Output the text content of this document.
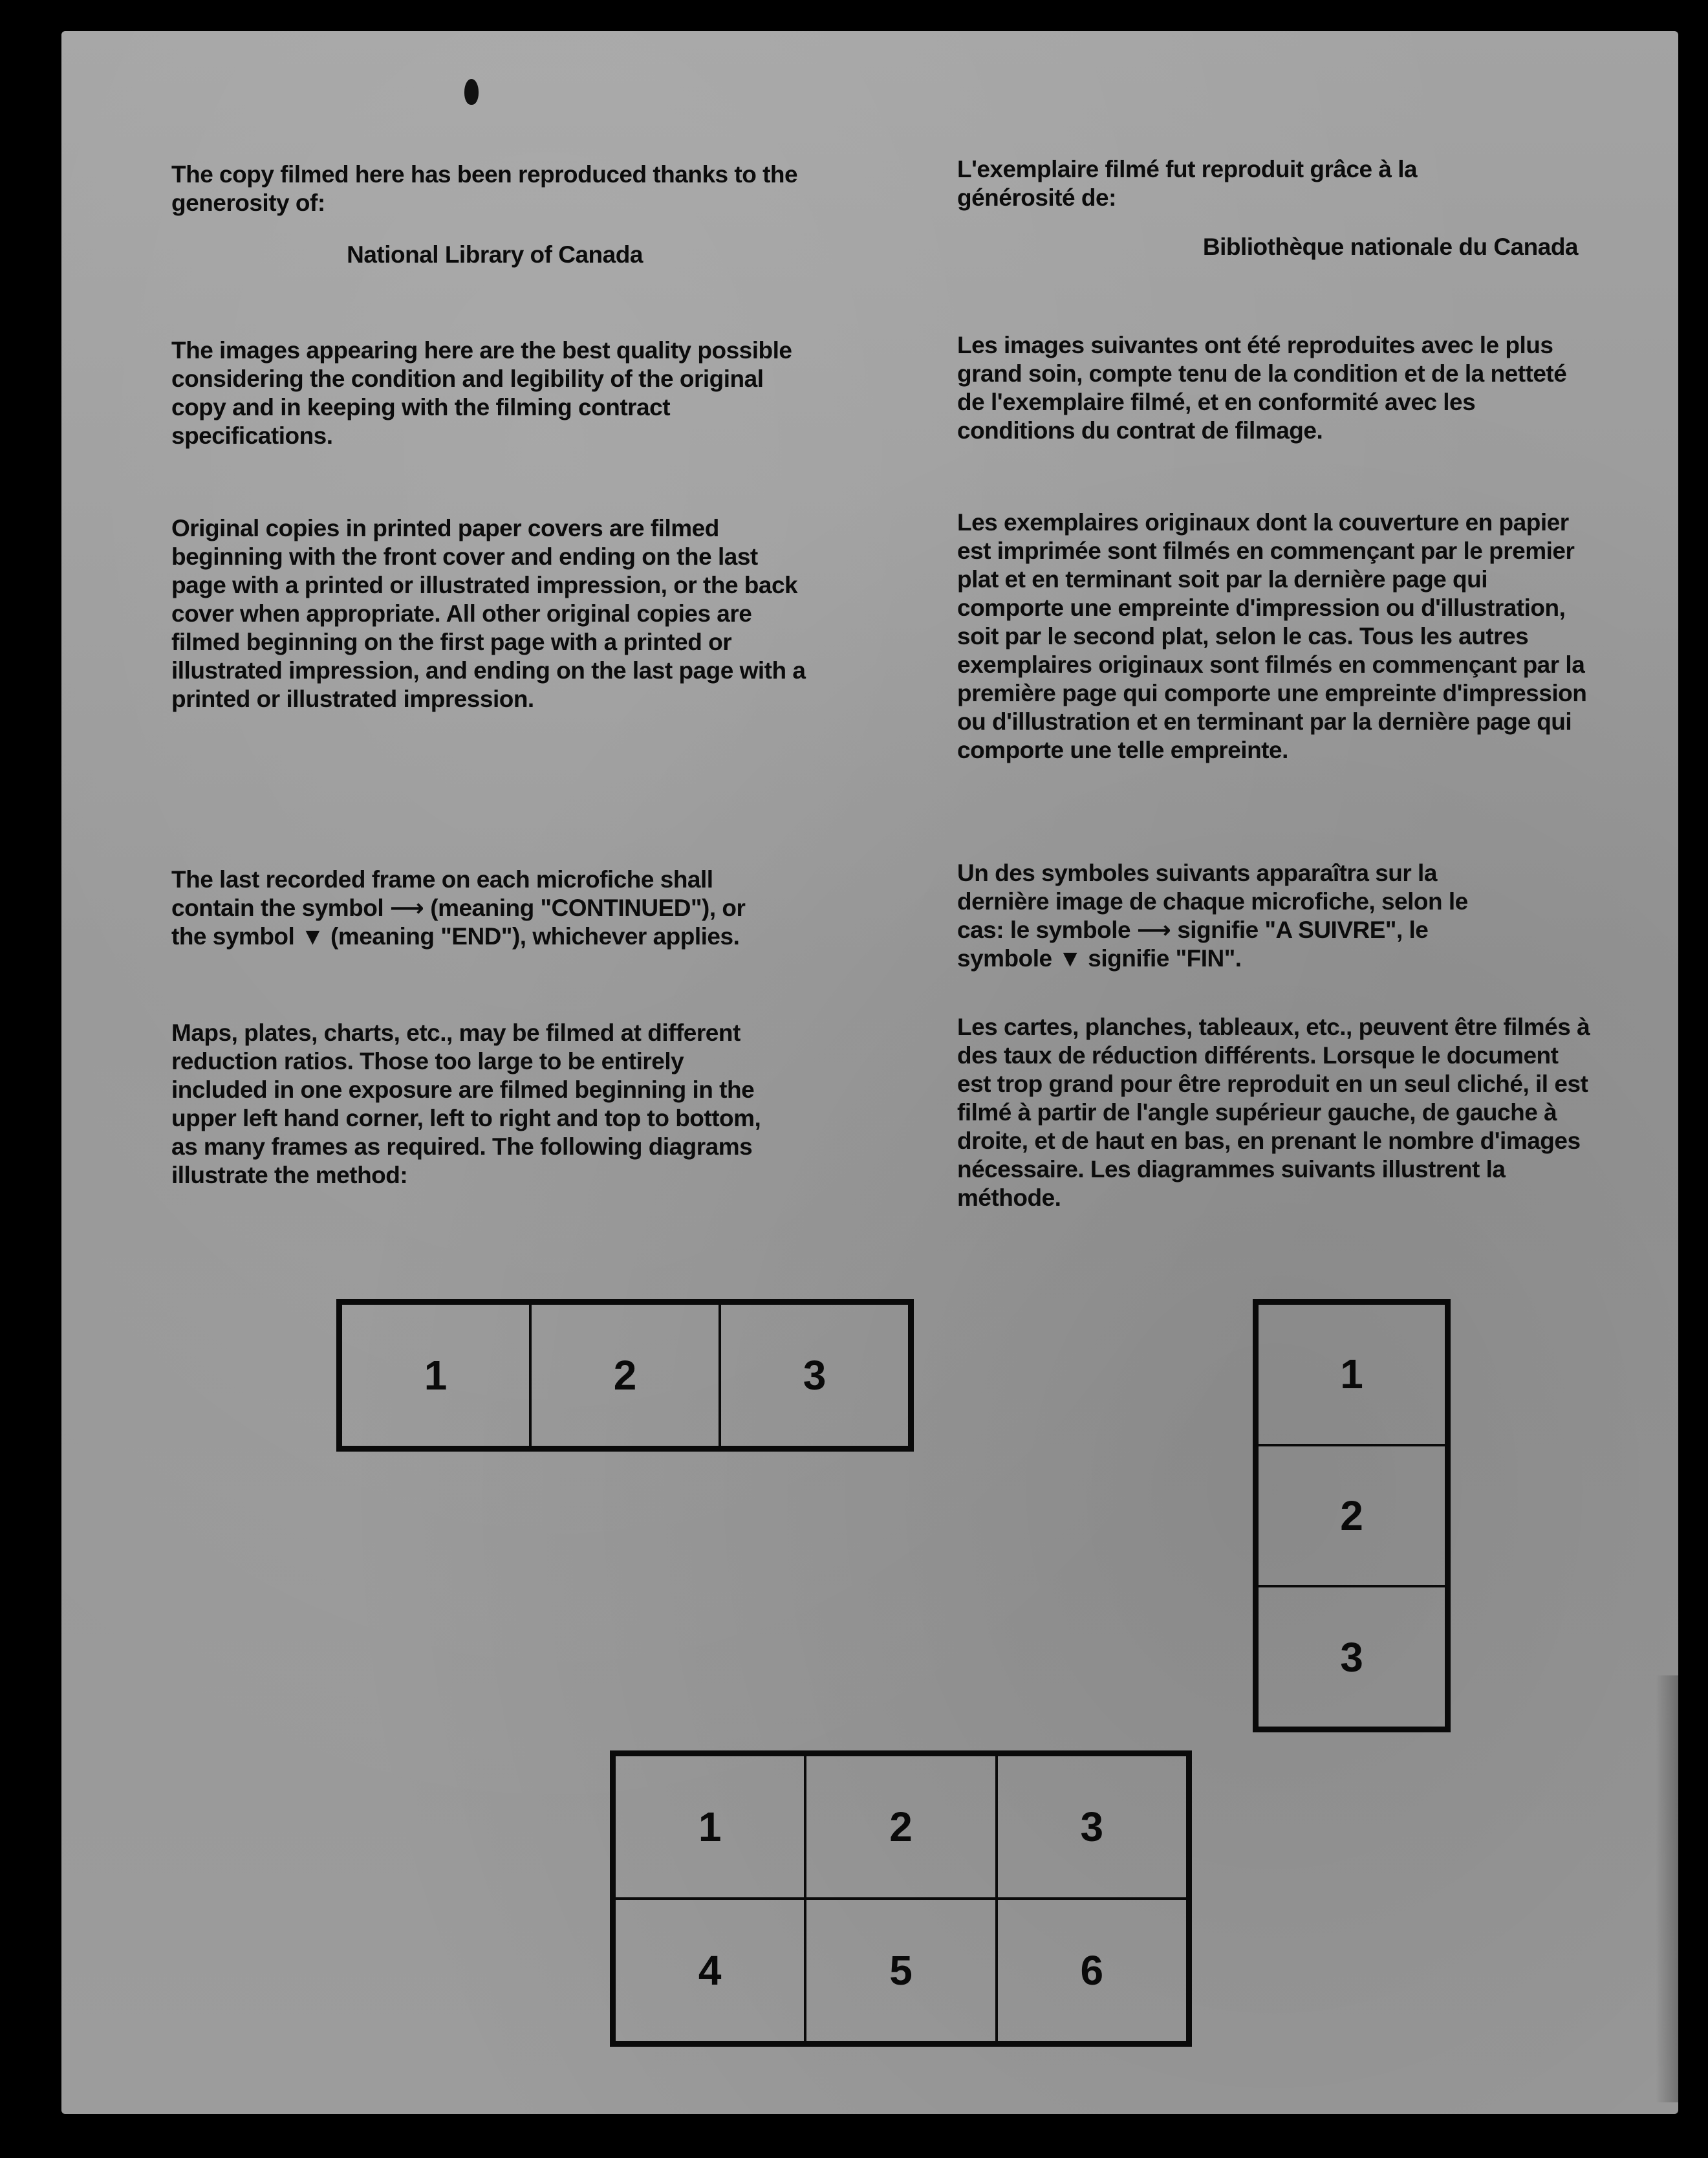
The copy filmed here has been reproduced thanks to the generosity of:

National Library of Canada

The images appearing here are the best quality possible considering the condition and legibility of the original copy and in keeping with the filming contract specifications.

Original copies in printed paper covers are filmed beginning with the front cover and ending on the last page with a printed or illustrated impression, or the back cover when appropriate. All other original copies are filmed beginning on the first page with a printed or illustrated impression, and ending on the last page with a printed or illustrated impression.

The last recorded frame on each microfiche shall contain the symbol ⟶ (meaning "CONTINUED"), or the symbol ▼ (meaning "END"), whichever applies.

Maps, plates, charts, etc., may be filmed at different reduction ratios. Those too large to be entirely included in one exposure are filmed beginning in the upper left hand corner, left to right and top to bottom, as many frames as required. The following diagrams illustrate the method:

L'exemplaire filmé fut reproduit grâce à la générosité de:

Bibliothèque nationale du Canada

Les images suivantes ont été reproduites avec le plus grand soin, compte tenu de la condition et de la netteté de l'exemplaire filmé, et en conformité avec les conditions du contrat de filmage.

Les exemplaires originaux dont la couverture en papier est imprimée sont filmés en commençant par le premier plat et en terminant soit par la dernière page qui comporte une empreinte d'impression ou d'illustration, soit par le second plat, selon le cas. Tous les autres exemplaires originaux sont filmés en commençant par la première page qui comporte une empreinte d'impression ou d'illustration et en terminant par la dernière page qui comporte une telle empreinte.

Un des symboles suivants apparaîtra sur la dernière image de chaque microfiche, selon le cas: le symbole ⟶ signifie "A SUIVRE", le symbole ▼ signifie "FIN".

Les cartes, planches, tableaux, etc., peuvent être filmés à des taux de réduction différents. Lorsque le document est trop grand pour être reproduit en un seul cliché, il est filmé à partir de l'angle supérieur gauche, de gauche à droite, et de haut en bas, en prenant le nombre d'images nécessaire. Les diagrammes suivants illustrent la méthode.

1	2	3	1
2
3
1	2	3
4	5	6
